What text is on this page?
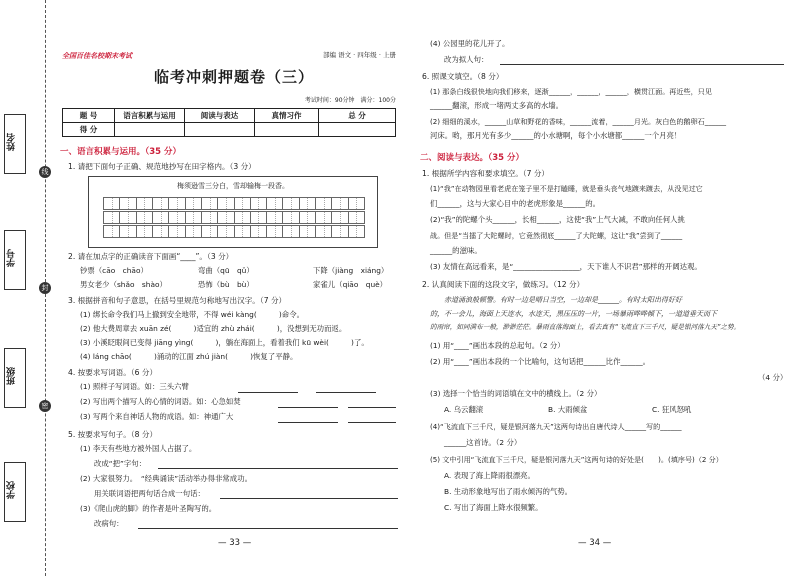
姓名
学号
班级
学校
线
封
密
全国百佳名校期末考试	部编 语文 · 四年级 · 上册
临考冲刺押题卷（三）
考试时间：90分钟　满分：100分
题 号	语言积累与运用	阅读与表达	真情习作	总 分
得 分				
一、语言积累与运用。（35 分）
1. 请把下面句子正确、规范地抄写在田字格内。（3 分）
梅须逊雪三分白，雪却输梅一段香。
2. 请在加点字的正确读音下面画“____”。（3 分）
钞票（cāo　chāo）	弯曲（qū　qǔ）	下降（jiàng　xiáng）
男女老少（shǎo　shào）	恐怖（bù　bù）	家雀儿（qiāo　què）
3. 根据拼音和句子意思，在括号里规范匀称地写出汉字。（7 分）
(1) 绑长命令我们马上撤到安全地带，不得 wéi kàng(　　　)命令。
(2) 他大费周章去 xuān zé(　　　)适宜的 zhù zhái(　　　)，没想到无功而返。
(3) 小溪眨眼间已变得 jiāng yìng(　　　)，躺在海面上，看着我们 kū wèi(　　　)了。
(4) láng chāo(　　　)涌动的江面 zhú jiàn(　　　)恢复了平静。
4. 按要求写词语。（6 分）
(1) 照样子写词语。如：三头六臂
(2) 写出两个描写人的心情的词语。如：心急如焚
(3) 写两个来自神话人物的成语。如：神通广大
5. 按要求写句子。（8 分）
(1) 李天有些地方被外国人占据了。
改成“把”字句：
(2) 大家很努力。　“经典诵读”活动举办得非常成功。
用关联词语把两句话合成一句话：
(3)《爬山虎的脚》的作者是叶圣陶写的。
改病句：
— 33 —
(4) 公园里的花儿开了。
改为拟人句：
6. 照课文填空。（8 分）
(1) 那条白线很快地向我们移来，逐渐______，______，______，横贯江面。再近些，只见
______翻滚，形成一堵两丈多高的水墙。
(2) 细细的溪水，______山草和野花的香味，______流着，______月光。灰白色的鹅卵石______
河床。哟，那月光有多少______的小水塘啊，每个小水塘都______一个月亮！
二、阅读与表达。（35 分）
1. 根据所学内容和要求填空。（7 分）
(1)“我”在动物园里看老虎在笼子里不是打瞌睡，就是垂头丧气地踱来踱去，从没见过它
们______，这与大家心目中的老虎形象是______的。
(2)“我”的陀螺个头______，长相______，这使“我”上气大减，不敢向任何人挑
战。但是“当擂了大陀螺时，它竟然彻底______了大陀螺，这让“我”尝到了______
______的滋味。
(3) 友情在高远看来，是“__________________，天下谁人不识君”那样的开阔达观。
2. 认真阅读下面的这段文字，做练习。（12 分）
赤道涌浪般顿警。有时一边是晴日当空，一边却是______。有时太阳出得好好
的，不一会儿，海面上天连水，水连天，黑压压的一片，一场暴雨哗哗倾下，一道道垂天而下
的雨帘，如同满布一般，渺渺茫茫。暴雨直落海面上，看去真有“飞流直下三千尺，疑是银河落九天”之势。
(1) 用“____”画出本段的总起句。（2 分）
(2) 用“____”画出本段的一个比喻句，这句话把______比作______。
（4 分）
(3) 选择一个恰当的词语填在文中的横线上。（2 分）
A. 乌云翻滚	B. 大雨倾盆	C. 狂风怒吼
(4)“飞流直下三千尺，疑是银河落九天”这两句诗出自唐代诗人______写的______
______这首诗。（2 分）
(5) 文中引用“飞流直下三千尺，疑是银河落九天”这两句诗的好处是(　　)。(填序号)（2 分）
A. 表现了海上降雨很漂亮。
B. 生动形象地写出了雨水倾泻的气势。
C. 写出了海面上降水很频繁。
— 34 —
